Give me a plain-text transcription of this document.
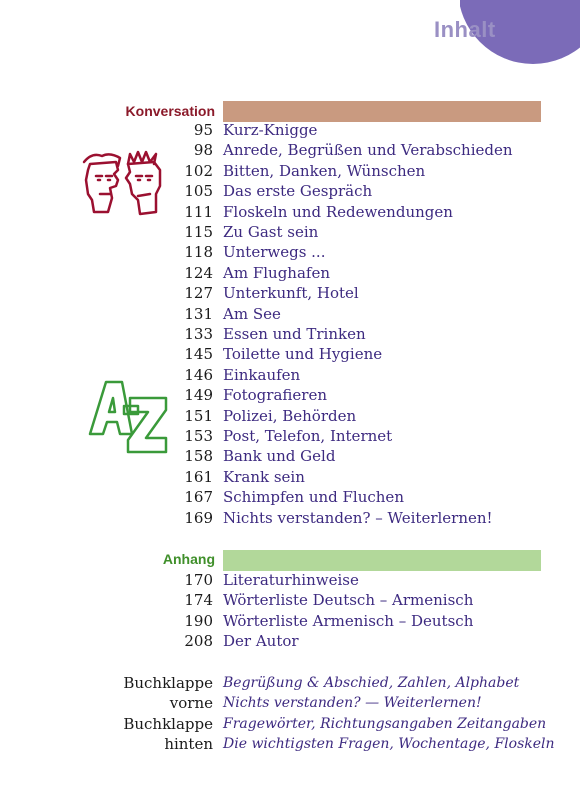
Inhalt
Konversation
95 Kurz-Knigge
98 Anrede, Begrüßen und Verabschieden
102 Bitten, Danken, Wünschen
105 Das erste Gespräch
111 Floskeln und Redewendungen
115 Zu Gast sein
118 Unterwegs ...
124 Am Flughafen
127 Unterkunft, Hotel
131 Am See
133 Essen und Trinken
145 Toilette und Hygiene
146 Einkaufen
149 Fotografieren
151 Polizei, Behörden
153 Post, Telefon, Internet
158 Bank und Geld
161 Krank sein
167 Schimpfen und Fluchen
169 Nichts verstanden? – Weiterlernen!
Anhang
170 Literaturhinweise
174 Wörterliste Deutsch – Armenisch
190 Wörterliste Armenisch – Deutsch
208 Der Autor
Buchklappe Begrüßung & Abschied, Zahlen, Alphabet
vorne Nichts verstanden? — Weiterlernen!
Buchklappe Fragewörter, Richtungsangaben Zeitangaben
hinten Die wichtigsten Fragen, Wochentage, Floskeln
